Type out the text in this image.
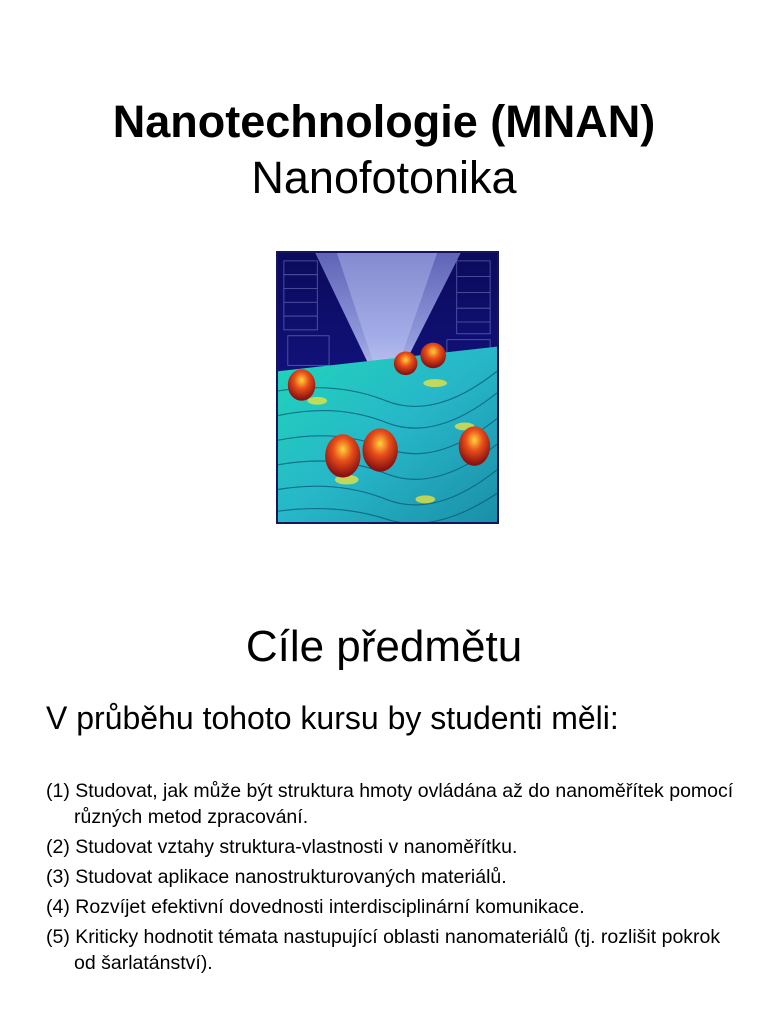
Nanotechnologie (MNAN)
Nanofotonika
Cíle předmětu
V průběhu tohoto kursu by studenti měli:
(1) Studovat, jak může být struktura hmoty ovládána až do nanoměřítek pomocí různých metod zpracování.
(2) Studovat vztahy struktura-vlastnosti v nanoměřítku.
(3) Studovat aplikace nanostrukturovaných materiálů.
(4) Rozvíjet efektivní dovednosti interdisciplinární komunikace.
(5) Kriticky hodnotit témata nastupující oblasti nanomateriálů (tj. rozlišit pokrok od šarlatánství).
